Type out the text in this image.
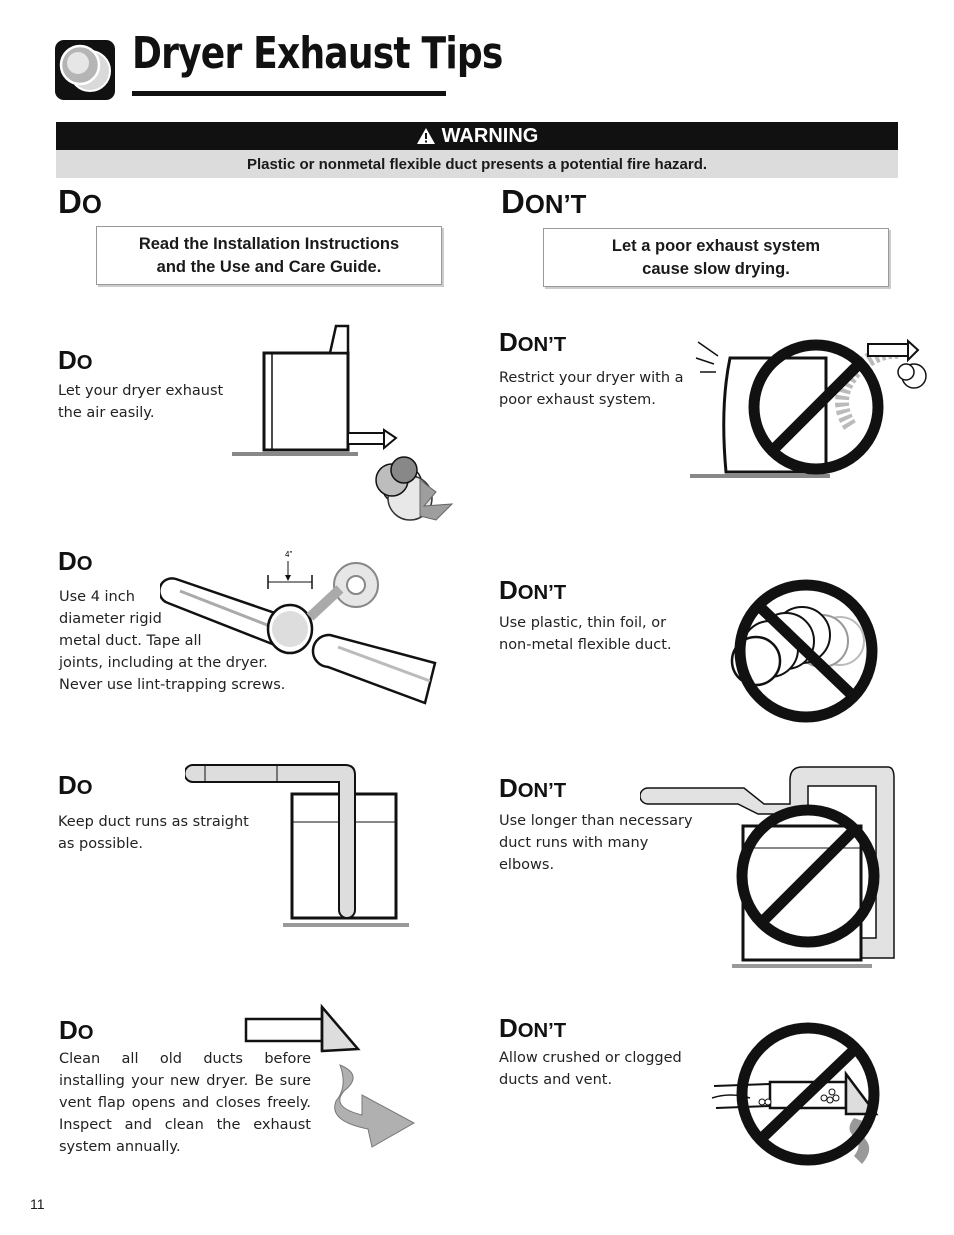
Dryer Exhaust Tips
WARNING
Plastic or nonmetal flexible duct presents a potential fire hazard.
DO	DON’T
Read the Installation Instructions
and the Use and Care Guide.
Let a poor exhaust system
cause slow drying.
DO
Let your dryer exhaust
the air easily.
DON’T
Restrict your dryer with a
poor exhaust system.
DO
Use 4 inch
diameter rigid
metal duct. Tape all
joints, including at the dryer.
Never use lint-trapping screws.
4"
DON’T
Use plastic, thin foil, or
non-metal flexible duct.
DO
Keep duct runs as straight
as possible.
DON’T
Use longer than necessary
duct runs with many
elbows.
DO
Clean all old ducts before installing your new dryer. Be sure vent flap opens and closes freely. Inspect and clean the exhaust system annually.
DON’T
Allow crushed or clogged
ducts and vent.
11
